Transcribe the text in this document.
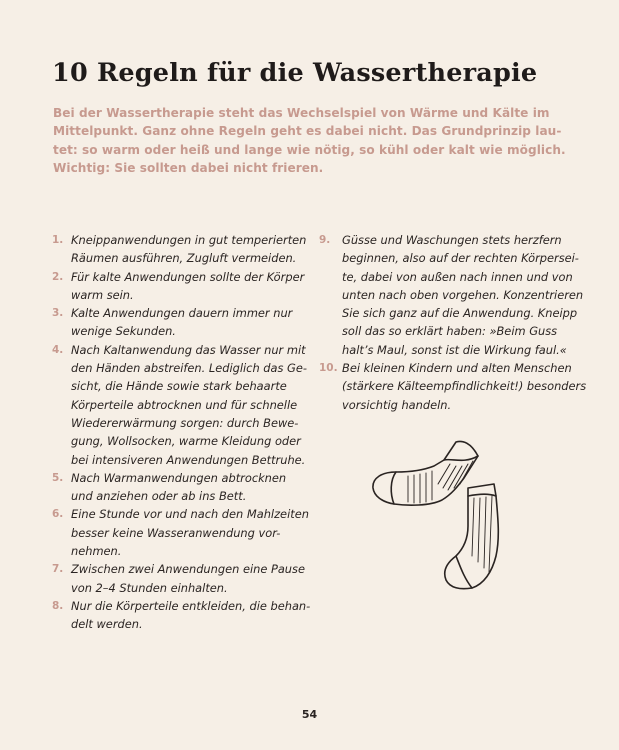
10 Regeln für die Wassertherapie
Bei der Wassertherapie steht das Wechselspiel von Wärme und Kälte im
Mittelpunkt. Ganz ohne Regeln geht es dabei nicht. Das Grundprinzip lau-
tet: so warm oder heiß und lange wie nötig, so kühl oder kalt wie möglich.
Wichtig: Sie sollten dabei nicht frieren.
1. Kneippanwendungen in gut temperierten
Räumen ausführen, Zugluft vermeiden.
2. Für kalte Anwendungen sollte der Körper
warm sein.
3. Kalte Anwendungen dauern immer nur
wenige Sekunden.
4. Nach Kaltanwendung das Wasser nur mit
den Händen abstreifen. Lediglich das Ge-
sicht, die Hände sowie stark behaarte
Körperteile abtrocknen und für schnelle
Wiedererwärmung sorgen: durch Bewe-
gung, Wollsocken, warme Kleidung oder
bei intensiveren Anwendungen Bettruhe.
5. Nach Warmanwendungen abtrocknen
und anziehen oder ab ins Bett.
6. Eine Stunde vor und nach den Mahlzeiten
besser keine Wasseranwendung vor-
nehmen.
7. Zwischen zwei Anwendungen eine Pause
von 2–4 Stunden einhalten.
8. Nur die Körperteile entkleiden, die behan-
delt werden.
9. Güsse und Waschungen stets herzfern
beginnen, also auf der rechten Körpersei-
te, dabei von außen nach innen und von
unten nach oben vorgehen. Konzentrieren
Sie sich ganz auf die Anwendung. Kneipp
soll das so erklärt haben: »Beim Guss
halt’s Maul, sonst ist die Wirkung faul.«
10. Bei kleinen Kindern und alten Menschen
(stärkere Kälteempfindlichkeit!) besonders
vorsichtig handeln.
54
